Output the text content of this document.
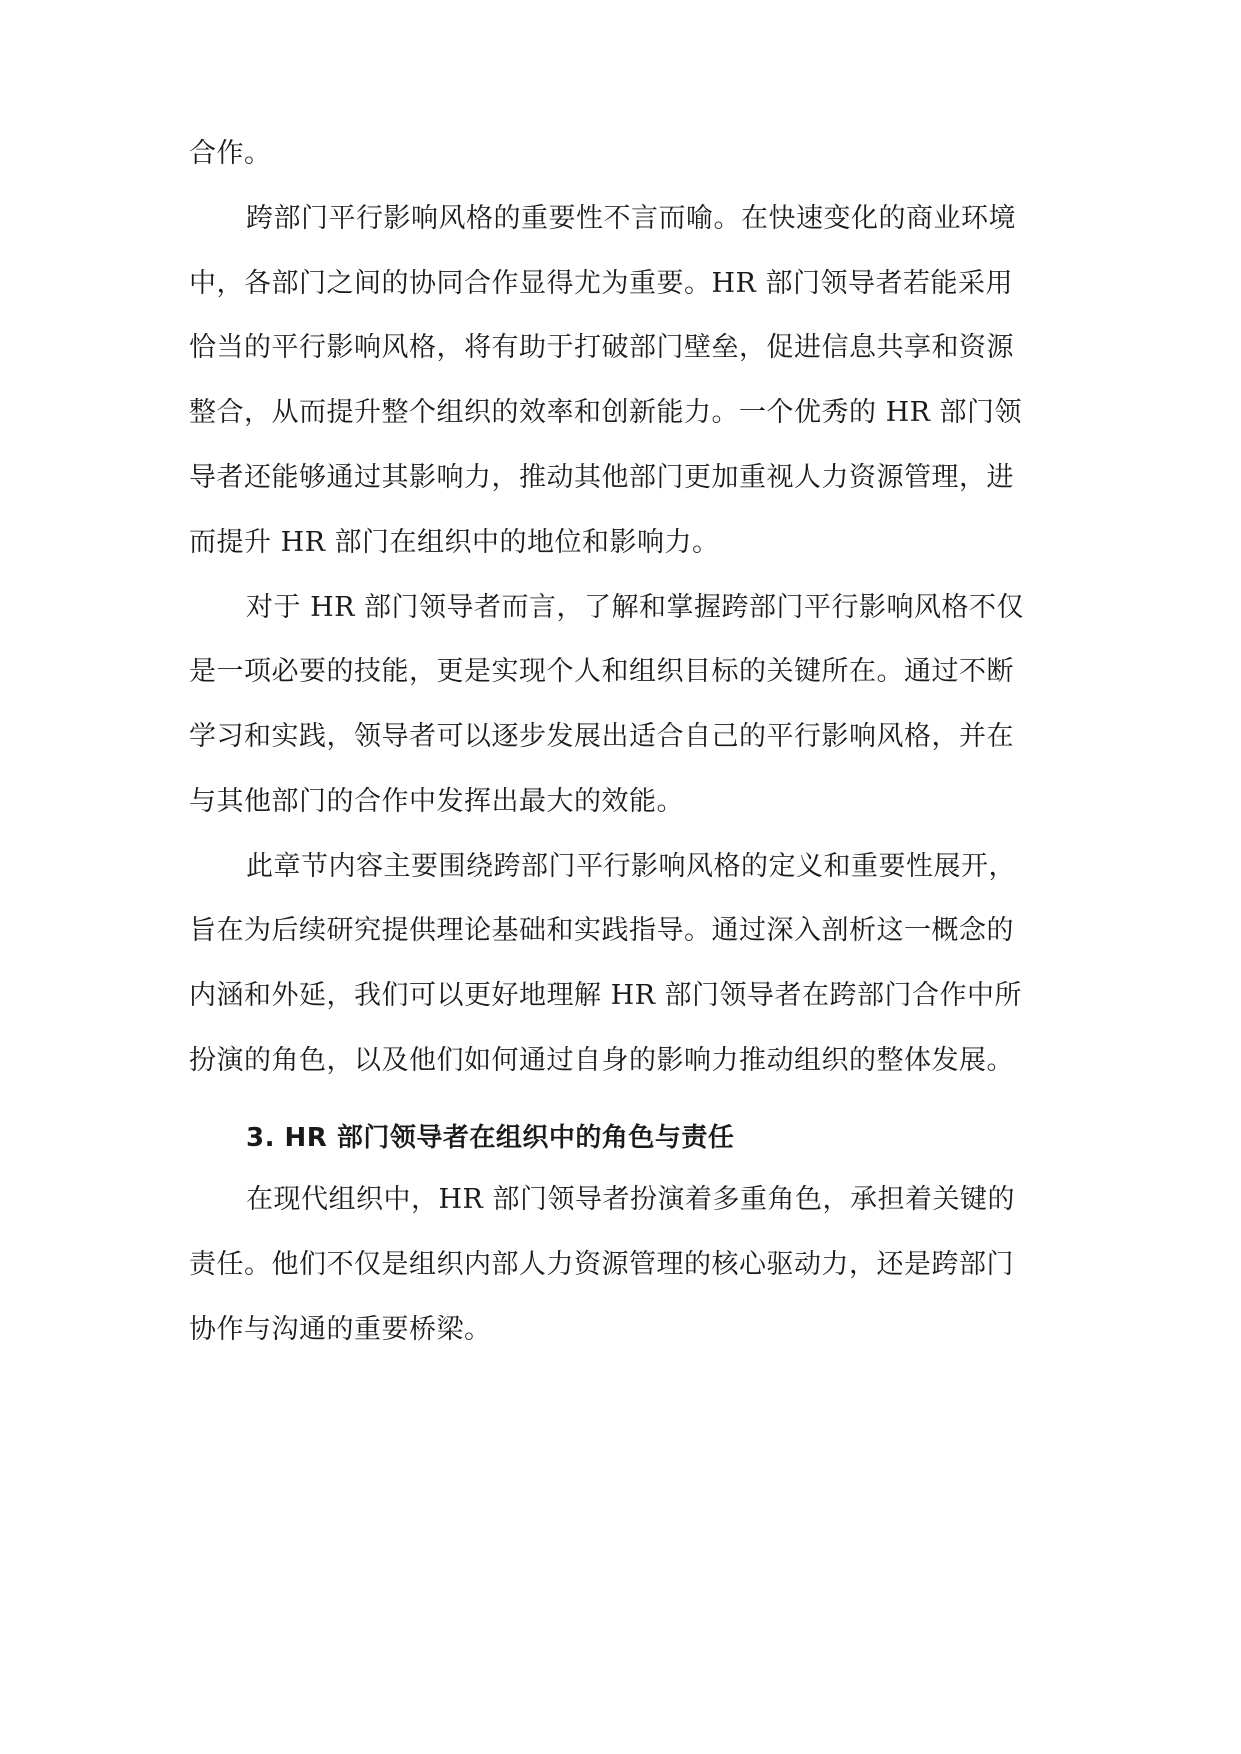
合作。
跨部门平行影响风格的重要性不言而喻。在快速变化的商业环境
中，各部门之间的协同合作显得尤为重要。HR 部门领导者若能采用
恰当的平行影响风格，将有助于打破部门壁垒，促进信息共享和资源
整合，从而提升整个组织的效率和创新能力。一个优秀的 HR 部门领
导者还能够通过其影响力，推动其他部门更加重视人力资源管理，进
而提升 HR 部门在组织中的地位和影响力。
对于 HR 部门领导者而言，了解和掌握跨部门平行影响风格不仅
是一项必要的技能，更是实现个人和组织目标的关键所在。通过不断
学习和实践，领导者可以逐步发展出适合自己的平行影响风格，并在
与其他部门的合作中发挥出最大的效能。
此章节内容主要围绕跨部门平行影响风格的定义和重要性展开，
旨在为后续研究提供理论基础和实践指导。通过深入剖析这一概念的
内涵和外延，我们可以更好地理解 HR 部门领导者在跨部门合作中所
扮演的角色，以及他们如何通过自身的影响力推动组织的整体发展。
3. HR 部门领导者在组织中的角色与责任
在现代组织中，HR 部门领导者扮演着多重角色，承担着关键的
责任。他们不仅是组织内部人力资源管理的核心驱动力，还是跨部门
协作与沟通的重要桥梁。
